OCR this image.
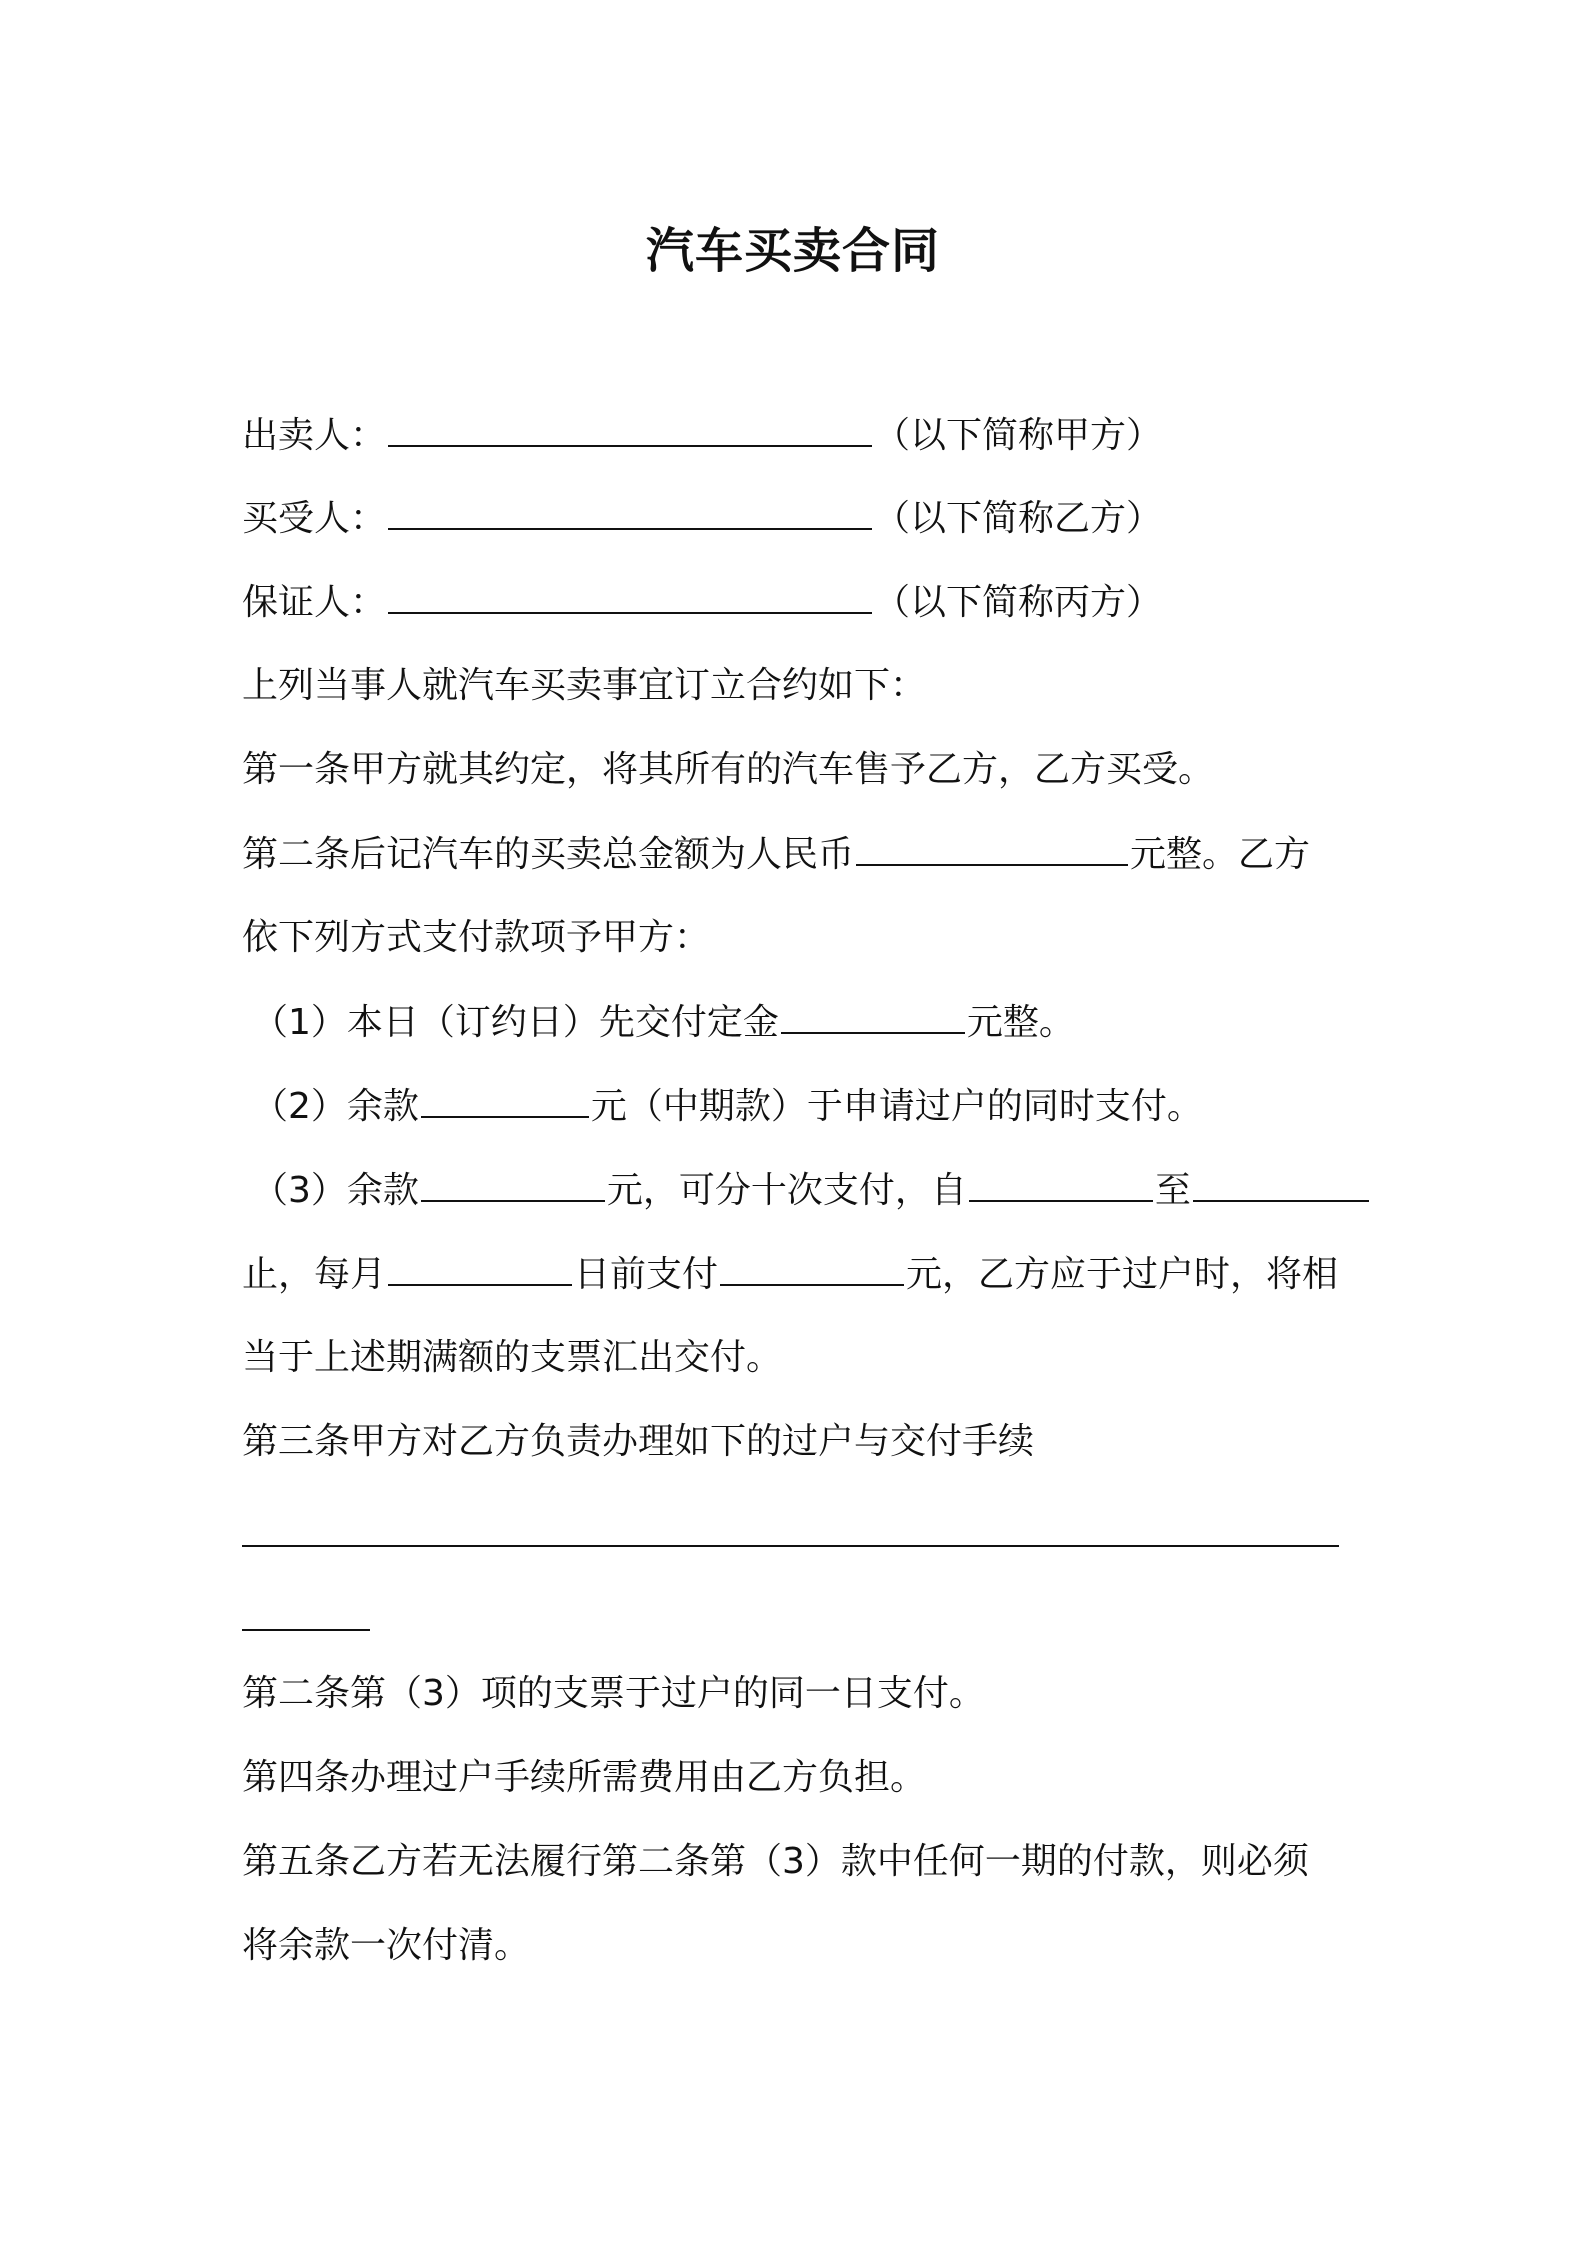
汽车买卖合同
出卖人：	（以下简称甲方）
买受人：	（以下简称乙方）
保证人：	（以下简称丙方）
上列当事人就汽车买卖事宜订立合约如下：
第一条甲方就其约定，将其所有的汽车售予乙方，乙方买受。
第二条后记汽车的买卖总金额为人民币	元整。乙方
依下列方式支付款项予甲方：
（1）本日（订约日）先交付定金	元整。
（2）余款	元（中期款）于申请过户的同时支付。
（3）余款	元，可分十次支付，自	至
止，每月	日前支付	元，乙方应于过户时，将相
当于上述期满额的支票汇出交付。
第三条甲方对乙方负责办理如下的过户与交付手续
第二条第（3）项的支票于过户的同一日支付。
第四条办理过户手续所需费用由乙方负担。
第五条乙方若无法履行第二条第（3）款中任何一期的付款，则必须
将余款一次付清。
